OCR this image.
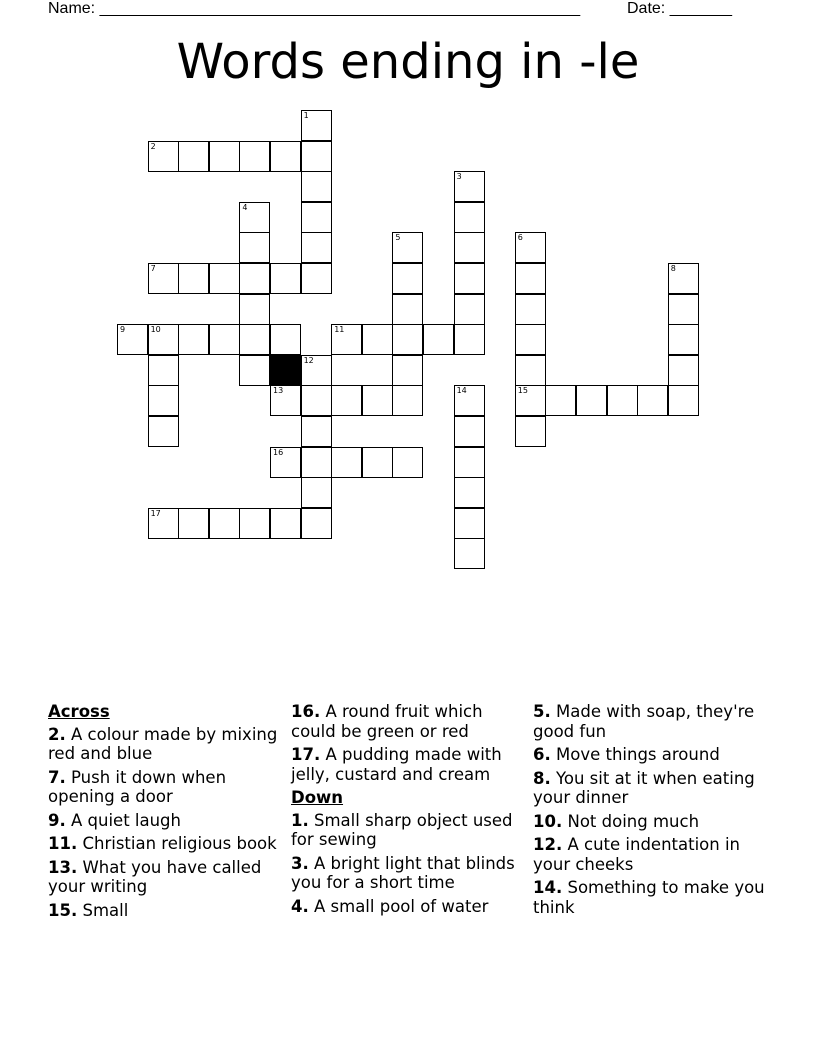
Name: ______________________________________________________	Date: _______
Words ending in -le
1
2
3
4
5	6
15
7	8
9	10	11
12
13	14
16
17
Across
2. A colour made by mixing red and blue
7. Push it down when opening a door
9. A quiet laugh
11. Christian religious book
13. What you have called your writing
15. Small
16. A round fruit which could be green or red
17. A pudding made with jelly, custard and cream
Down
1. Small sharp object used for sewing
3. A bright light that blinds you for a short time
4. A small pool of water
5. Made with soap, they're good fun
6. Move things around
8. You sit at it when eating your dinner
10. Not doing much
12. A cute indentation in your cheeks
14. Something to make you think
